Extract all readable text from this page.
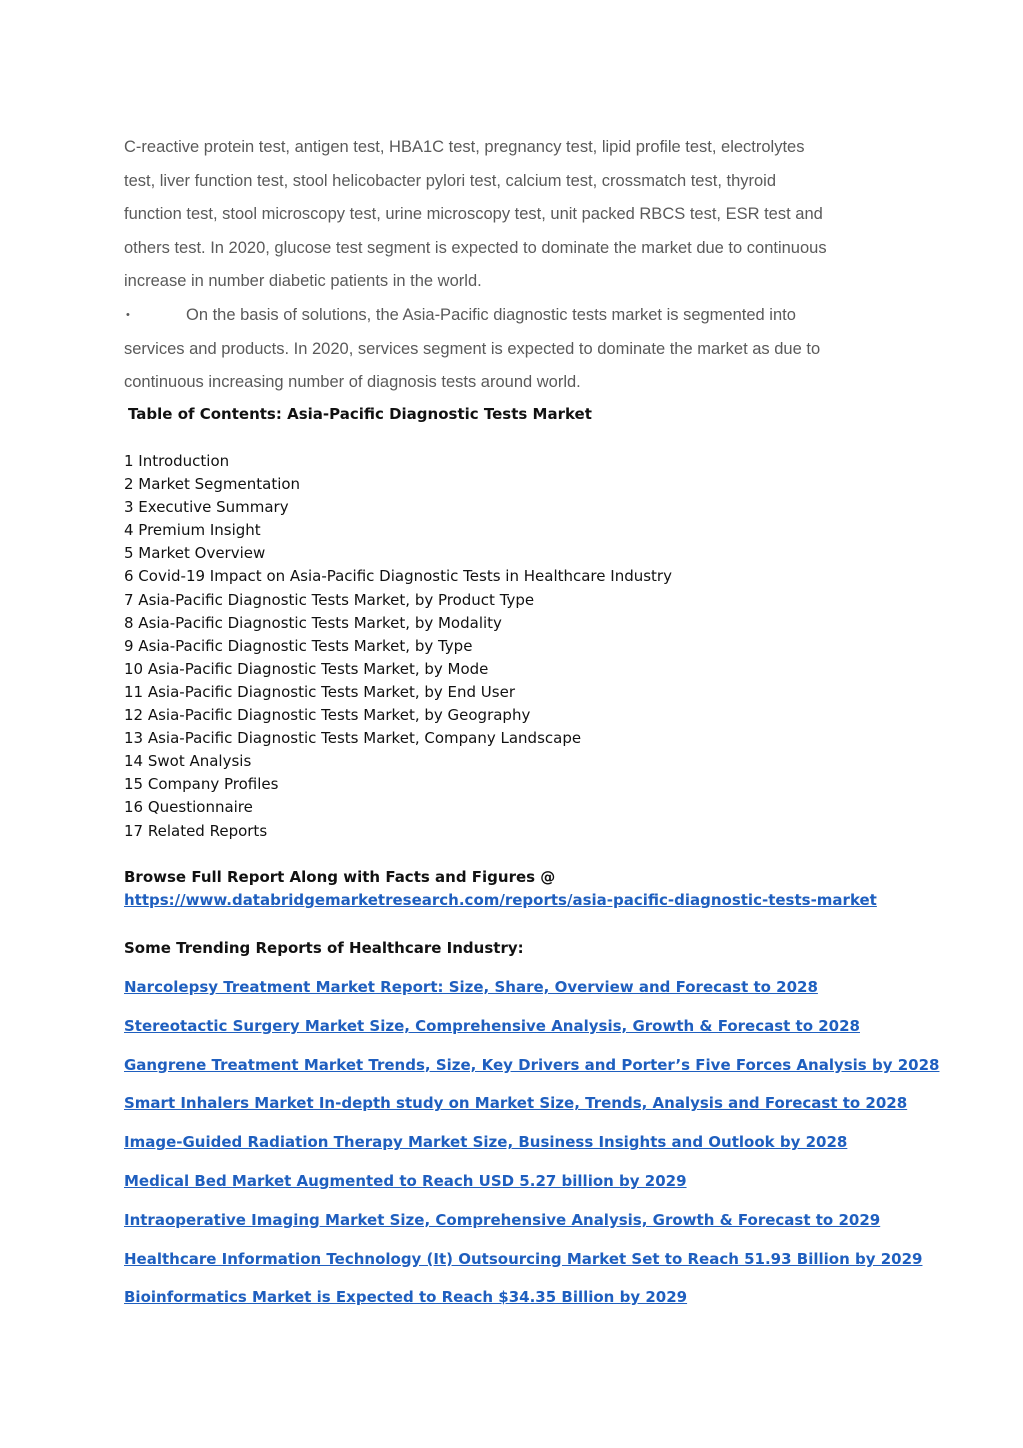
C-reactive protein test, antigen test, HBA1C test, pregnancy test, lipid profile test, electrolytes
test, liver function test, stool helicobacter pylori test, calcium test, crossmatch test, thyroid
function test, stool microscopy test, urine microscopy test, unit packed RBCS test, ESR test and
others test. In 2020, glucose test segment is expected to dominate the market due to continuous
increase in number diabetic patients in the world.

•	On the basis of solutions, the Asia-Pacific diagnostic tests market is segmented into
services and products. In 2020, services segment is expected to dominate the market as due to
continuous increasing number of diagnosis tests around world.
Table of Contents: Asia-Pacific Diagnostic Tests Market
1 Introduction
2 Market Segmentation
3 Executive Summary
4 Premium Insight
5 Market Overview
6 Covid-19 Impact on Asia-Pacific Diagnostic Tests in Healthcare Industry
7 Asia-Pacific Diagnostic Tests Market, by Product Type
8 Asia-Pacific Diagnostic Tests Market, by Modality
9 Asia-Pacific Diagnostic Tests Market, by Type
10 Asia-Pacific Diagnostic Tests Market, by Mode
11 Asia-Pacific Diagnostic Tests Market, by End User
12 Asia-Pacific Diagnostic Tests Market, by Geography
13 Asia-Pacific Diagnostic Tests Market, Company Landscape
14 Swot Analysis
15 Company Profiles
16 Questionnaire
17 Related Reports
Browse Full Report Along with Facts and Figures @
https://www.databridgemarketresearch.com/reports/asia-pacific-diagnostic-tests-market
Some Trending Reports of Healthcare Industry:
Narcolepsy Treatment Market Report: Size, Share, Overview and Forecast to 2028
Stereotactic Surgery Market Size, Comprehensive Analysis, Growth & Forecast to 2028
Gangrene Treatment Market Trends, Size, Key Drivers and Porter’s Five Forces Analysis by 2028
Smart Inhalers Market In-depth study on Market Size, Trends, Analysis and Forecast to 2028
Image-Guided Radiation Therapy Market Size, Business Insights and Outlook by 2028
Medical Bed Market Augmented to Reach USD 5.27 billion by 2029
Intraoperative Imaging Market Size, Comprehensive Analysis, Growth & Forecast to 2029
Healthcare Information Technology (It) Outsourcing Market Set to Reach 51.93 Billion by 2029
Bioinformatics Market is Expected to Reach $34.35 Billion by 2029
